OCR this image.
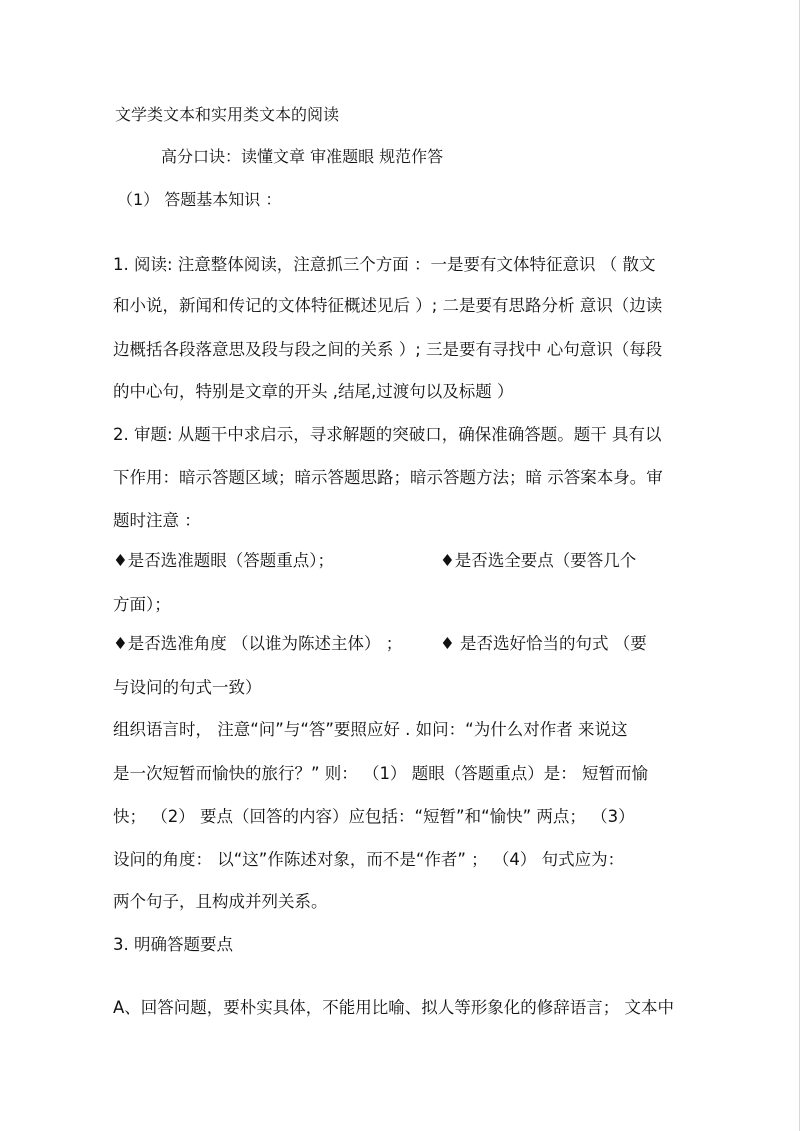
文学类文本和实用类文本的阅读
高分口诀：读懂文章 审准题眼 规范作答
（1） 答题基本知识 ：
1. 阅读: 注意整体阅读，注意抓三个方面 ：一是要有文体特征意识 （ 散文
和小说，新闻和传记的文体特征概述见后 ）; 二是要有思路分析 意识（边读
边概括各段落意思及段与段之间的关系 ）; 三是要有寻找中 心句意识（每段
的中心句，特别是文章的开头 ,结尾,过渡句以及标题 ）
2. 审题: 从题干中求启示，寻求解题的突破口，确保准确答题。题干 具有以
下作用：暗示答题区域；暗示答题思路；暗示答题方法；暗 示答案本身。审
题时注意 ：
♦是否选准题眼（答题重点）；	♦是否选全要点（要答几个
方面）；
♦是否选准角度 （以谁为陈述主体） ； ♦ 是否选好恰当的句式 （要
与设问的句式一致）
组织语言时， 注意“问”与“答”要照应好 . 如问：“为什么对作者 来说这
是一次短暂而愉快的旅行？” 则： （1） 题眼（答题重点）是： 短暂而愉
快； （2） 要点（回答的内容）应包括：“短暂”和“愉快” 两点； （3）
设问的角度： 以“这”作陈述对象，而不是“作者” ； （4） 句式应为：
两个句子，且构成并列关系。
3. 明确答题要点
A、回答问题，要朴实具体，不能用比喻、拟人等形象化的修辞语言； 文本中
